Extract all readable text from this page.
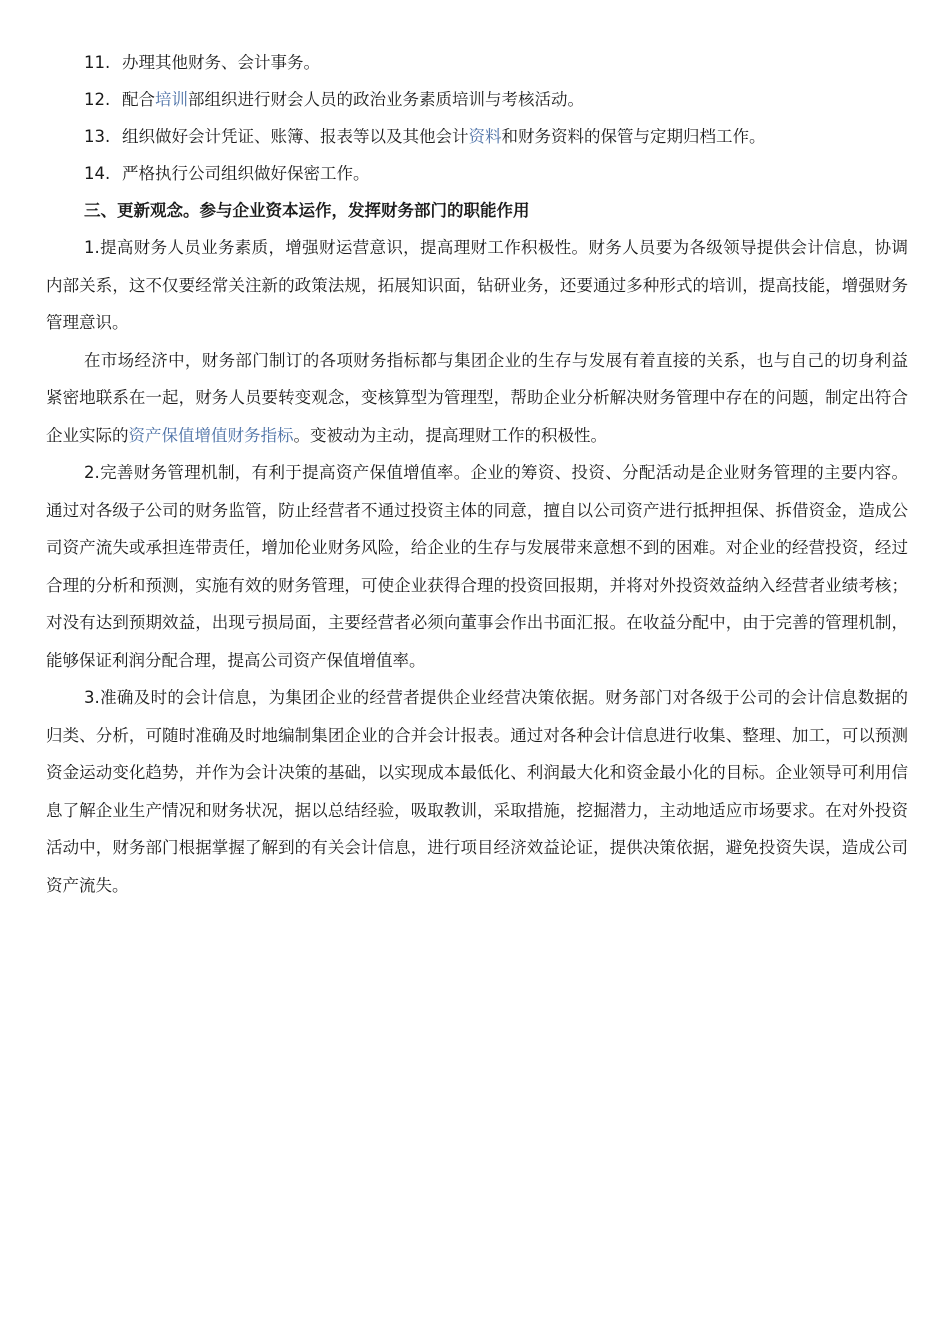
11. 办理其他财务、会计事务。
12. 配合培训部组织进行财会人员的政治业务素质培训与考核活动。
13. 组织做好会计凭证、账簿、报表等以及其他会计资料和财务资料的保管与定期归档工作。
14. 严格执行公司组织做好保密工作。
三、更新观念。参与企业资本运作，发挥财务部门的职能作用

1.提高财务人员业务素质，增强财运营意识，提高理财工作积极性。财务人员要为各级领导提供会计信息，协调内部关系，这不仅要经常关注新的政策法规，拓展知识面，钻研业务，还要通过多种形式的培训，提高技能，增强财务管理意识。

在市场经济中，财务部门制订的各项财务指标都与集团企业的生存与发展有着直接的关系，也与自己的切身利益紧密地联系在一起，财务人员要转变观念，变核算型为管理型，帮助企业分析解决财务管理中存在的问题，制定出符合企业实际的资产保值增值财务指标。变被动为主动，提高理财工作的积极性。

2.完善财务管理机制，有利于提高资产保值增值率。企业的筹资、投资、分配活动是企业财务管理的主要内容。通过对各级子公司的财务监管，防止经营者不通过投资主体的同意，擅自以公司资产进行抵押担保、拆借资金，造成公司资产流失或承担连带责任，增加伦业财务风险，给企业的生存与发展带来意想不到的困难。对企业的经营投资，经过合理的分析和预测，实施有效的财务管理，可使企业获得合理的投资回报期，并将对外投资效益纳入经营者业绩考核；对没有达到预期效益，出现亏损局面，主要经营者必须向董事会作出书面汇报。在收益分配中，由于完善的管理机制，能够保证利润分配合理，提高公司资产保值增值率。

3.准确及时的会计信息，为集团企业的经营者提供企业经营决策依据。财务部门对各级于公司的会计信息数据的归类、分析，可随时准确及时地编制集团企业的合并会计报表。通过对各种会计信息进行收集、整理、加工，可以预测资金运动变化趋势，并作为会计决策的基础，以实现成本最低化、利润最大化和资金最小化的目标。企业领导可利用信息了解企业生产情况和财务状况，据以总结经验，吸取教训，采取措施，挖掘潜力，主动地适应市场要求。在对外投资活动中，财务部门根据掌握了解到的有关会计信息，进行项目经济效益论证，提供决策依据，避免投资失误，造成公司资产流失。
